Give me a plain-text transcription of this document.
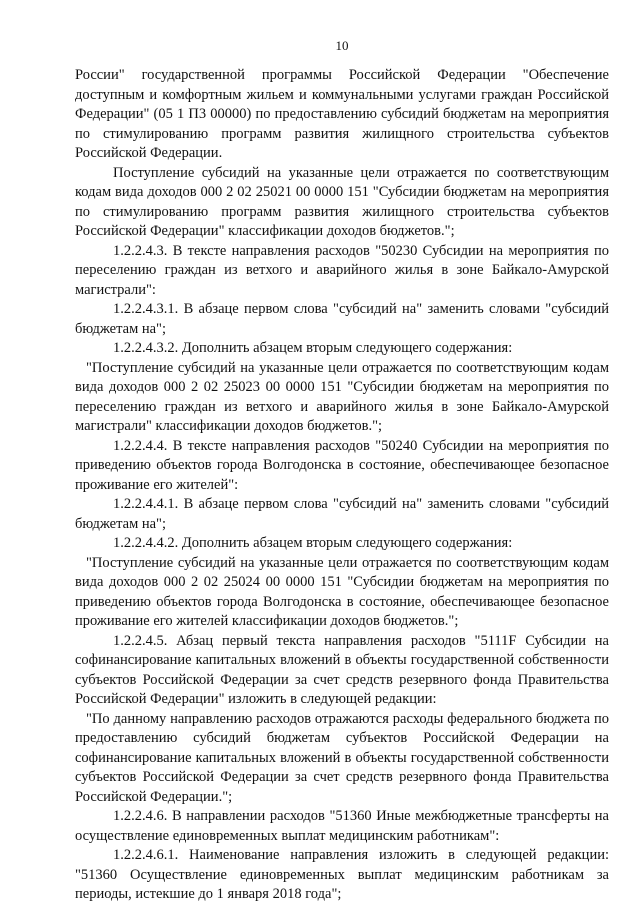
10

России" государственной программы Российской Федерации "Обеспечение доступным и комфортным жильем и коммунальными услугами граждан Российской Федерации" (05 1 П3 00000) по предоставлению субсидий бюджетам на мероприятия по стимулированию программ развития жилищного строительства субъектов Российской Федерации.

Поступление субсидий на указанные цели отражается по соответствующим кодам вида доходов 000 2 02 25021 00 0000 151 "Субсидии бюджетам на мероприятия по стимулированию программ развития жилищного строительства субъектов Российской Федерации" классификации доходов бюджетов.";

1.2.2.4.3. В тексте направления расходов "50230 Субсидии на мероприятия по переселению граждан из ветхого и аварийного жилья в зоне Байкало-Амурской магистрали":

1.2.2.4.3.1. В абзаце первом слова "субсидий на" заменить словами "субсидий бюджетам на";

1.2.2.4.3.2. Дополнить абзацем вторым следующего содержания:

"Поступление субсидий на указанные цели отражается по соответствующим кодам вида доходов 000 2 02 25023 00 0000 151 "Субсидии бюджетам на мероприятия по переселению граждан из ветхого и аварийного жилья в зоне Байкало-Амурской магистрали" классификации доходов бюджетов.";

1.2.2.4.4. В тексте направления расходов "50240 Субсидии на мероприятия по приведению объектов города Волгодонска в состояние, обеспечивающее безопасное проживание его жителей":

1.2.2.4.4.1. В абзаце первом слова "субсидий на" заменить словами "субсидий бюджетам на";

1.2.2.4.4.2. Дополнить абзацем вторым следующего содержания:

"Поступление субсидий на указанные цели отражается по соответствующим кодам вида доходов 000 2 02 25024 00 0000 151 "Субсидии бюджетам на мероприятия по приведению объектов города Волгодонска в состояние, обеспечивающее безопасное проживание его жителей классификации доходов бюджетов.";

1.2.2.4.5. Абзац первый текста направления расходов "5111F Субсидии на софинансирование капитальных вложений в объекты государственной собственности субъектов Российской Федерации за счет средств резервного фонда Правительства Российской Федерации" изложить в следующей редакции:

"По данному направлению расходов отражаются расходы федерального бюджета по предоставлению субсидий бюджетам субъектов Российской Федерации на софинансирование капитальных вложений в объекты государственной собственности субъектов Российской Федерации за счет средств резервного фонда Правительства Российской Федерации.";

1.2.2.4.6. В направлении расходов "51360 Иные межбюджетные трансферты на осуществление единовременных выплат медицинским работникам":

1.2.2.4.6.1. Наименование направления изложить в следующей редакции: "51360 Осуществление единовременных выплат медицинским работникам за периоды, истекшие до 1 января 2018 года";
